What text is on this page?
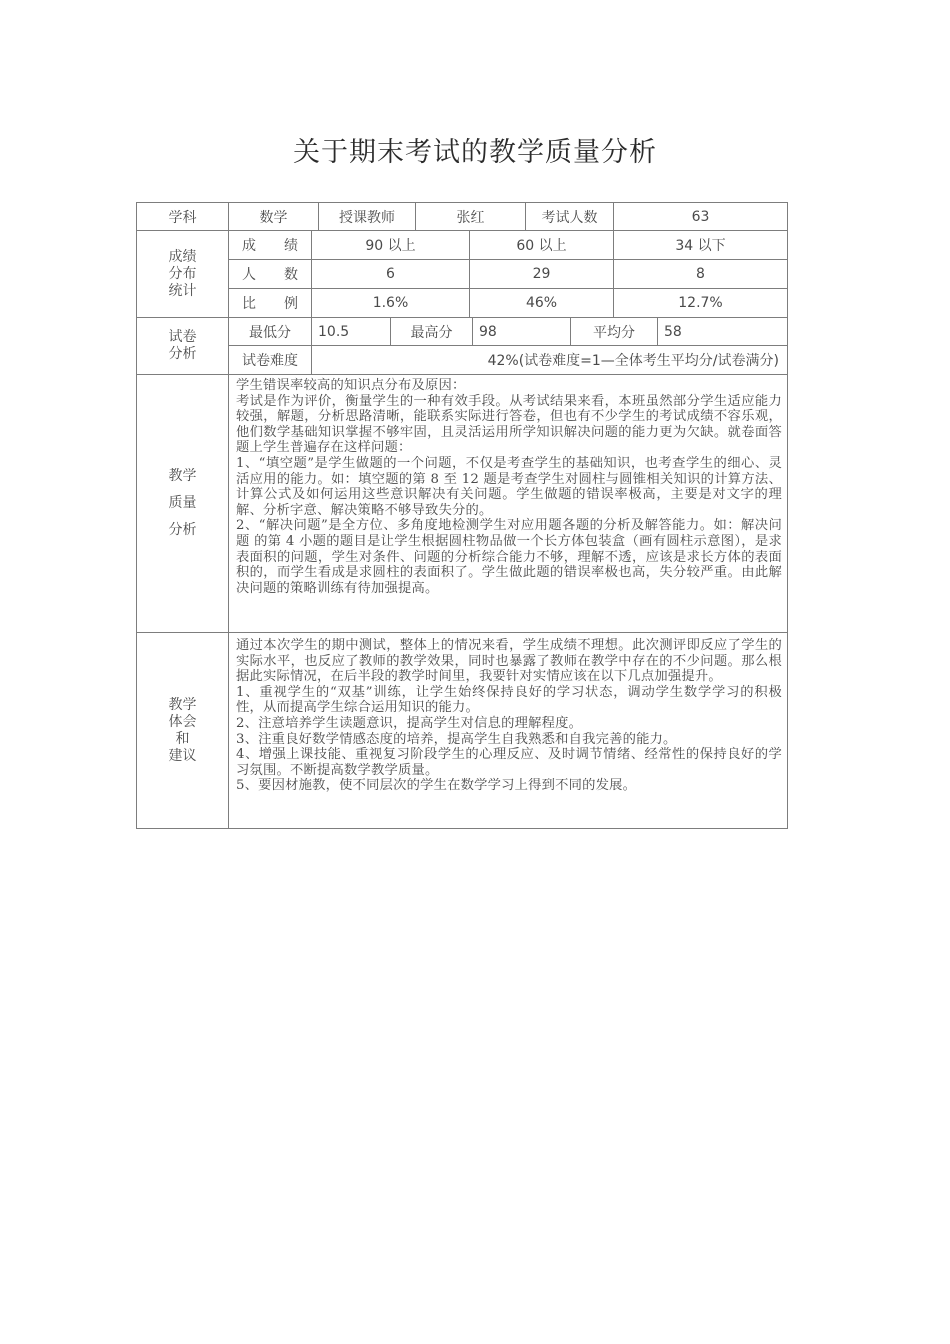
关于期末考试的教学质量分析
学科	数学	授课教师	张红	考试人数	63
成绩
分布
统计
成　　绩	90 以上	60 以上	34 以下
人　　数	6	29	8
比　　例	1.6%	46%	12.7%
试卷
分析
最低分	10.5	最高分	98	平均分	58
试卷难度	42%(试卷难度=1—全体考生平均分/试卷满分)
教学
质量
分析

学生错误率较高的知识点分布及原因：

考试是作为评价，衡量学生的一种有效手段。从考试结果来看，本班虽然部分学生适应能力较强，解题，分析思路清晰，能联系实际进行答卷，但也有不少学生的考试成绩不容乐观，他们数学基础知识掌握不够牢固，且灵活运用所学知识解决问题的能力更为欠缺。就卷面答题上学生普遍存在这样问题：

1、“填空题”是学生做题的一个问题，不仅是考查学生的基础知识，也考查学生的细心、灵活应用的能力。如：填空题的第 8 至 12 题是考查学生对圆柱与圆锥相关知识的计算方法、计算公式及如何运用这些意识解决有关问题。学生做题的错误率极高，主要是对文字的理解、分析字意、解决策略不够导致失分的。

2、“解决问题”是全方位、多角度地检测学生对应用题各题的分析及解答能力。如：解决问题 的第 4 小题的题目是让学生根据圆柱物品做一个长方体包装盒（画有圆柱示意图），是求表面积的问题，学生对条件、问题的分析综合能力不够，理解不透，应该是求长方体的表面积的，而学生看成是求圆柱的表面积了。学生做此题的错误率极也高，失分较严重。由此解决问题的策略训练有待加强提高。

教学
体会
和
建议

通过本次学生的期中测试，整体上的情况来看，学生成绩不理想。此次测评即反应了学生的实际水平，也反应了教师的教学效果，同时也暴露了教师在教学中存在的不少问题。那么根据此实际情况，在后半段的教学时间里，我要针对实情应该在以下几点加强提升。

1、重视学生的“双基”训练，让学生始终保持良好的学习状态，调动学生数学学习的积极性，从而提高学生综合运用知识的能力。

2、注意培养学生读题意识，提高学生对信息的理解程度。

3、注重良好数学情感态度的培养，提高学生自我熟悉和自我完善的能力。

4、增强上课技能、重视复习阶段学生的心理反应、及时调节情绪、经常性的保持良好的学习氛围。不断提高数学教学质量。

5、要因材施教，使不同层次的学生在数学学习上得到不同的发展。
